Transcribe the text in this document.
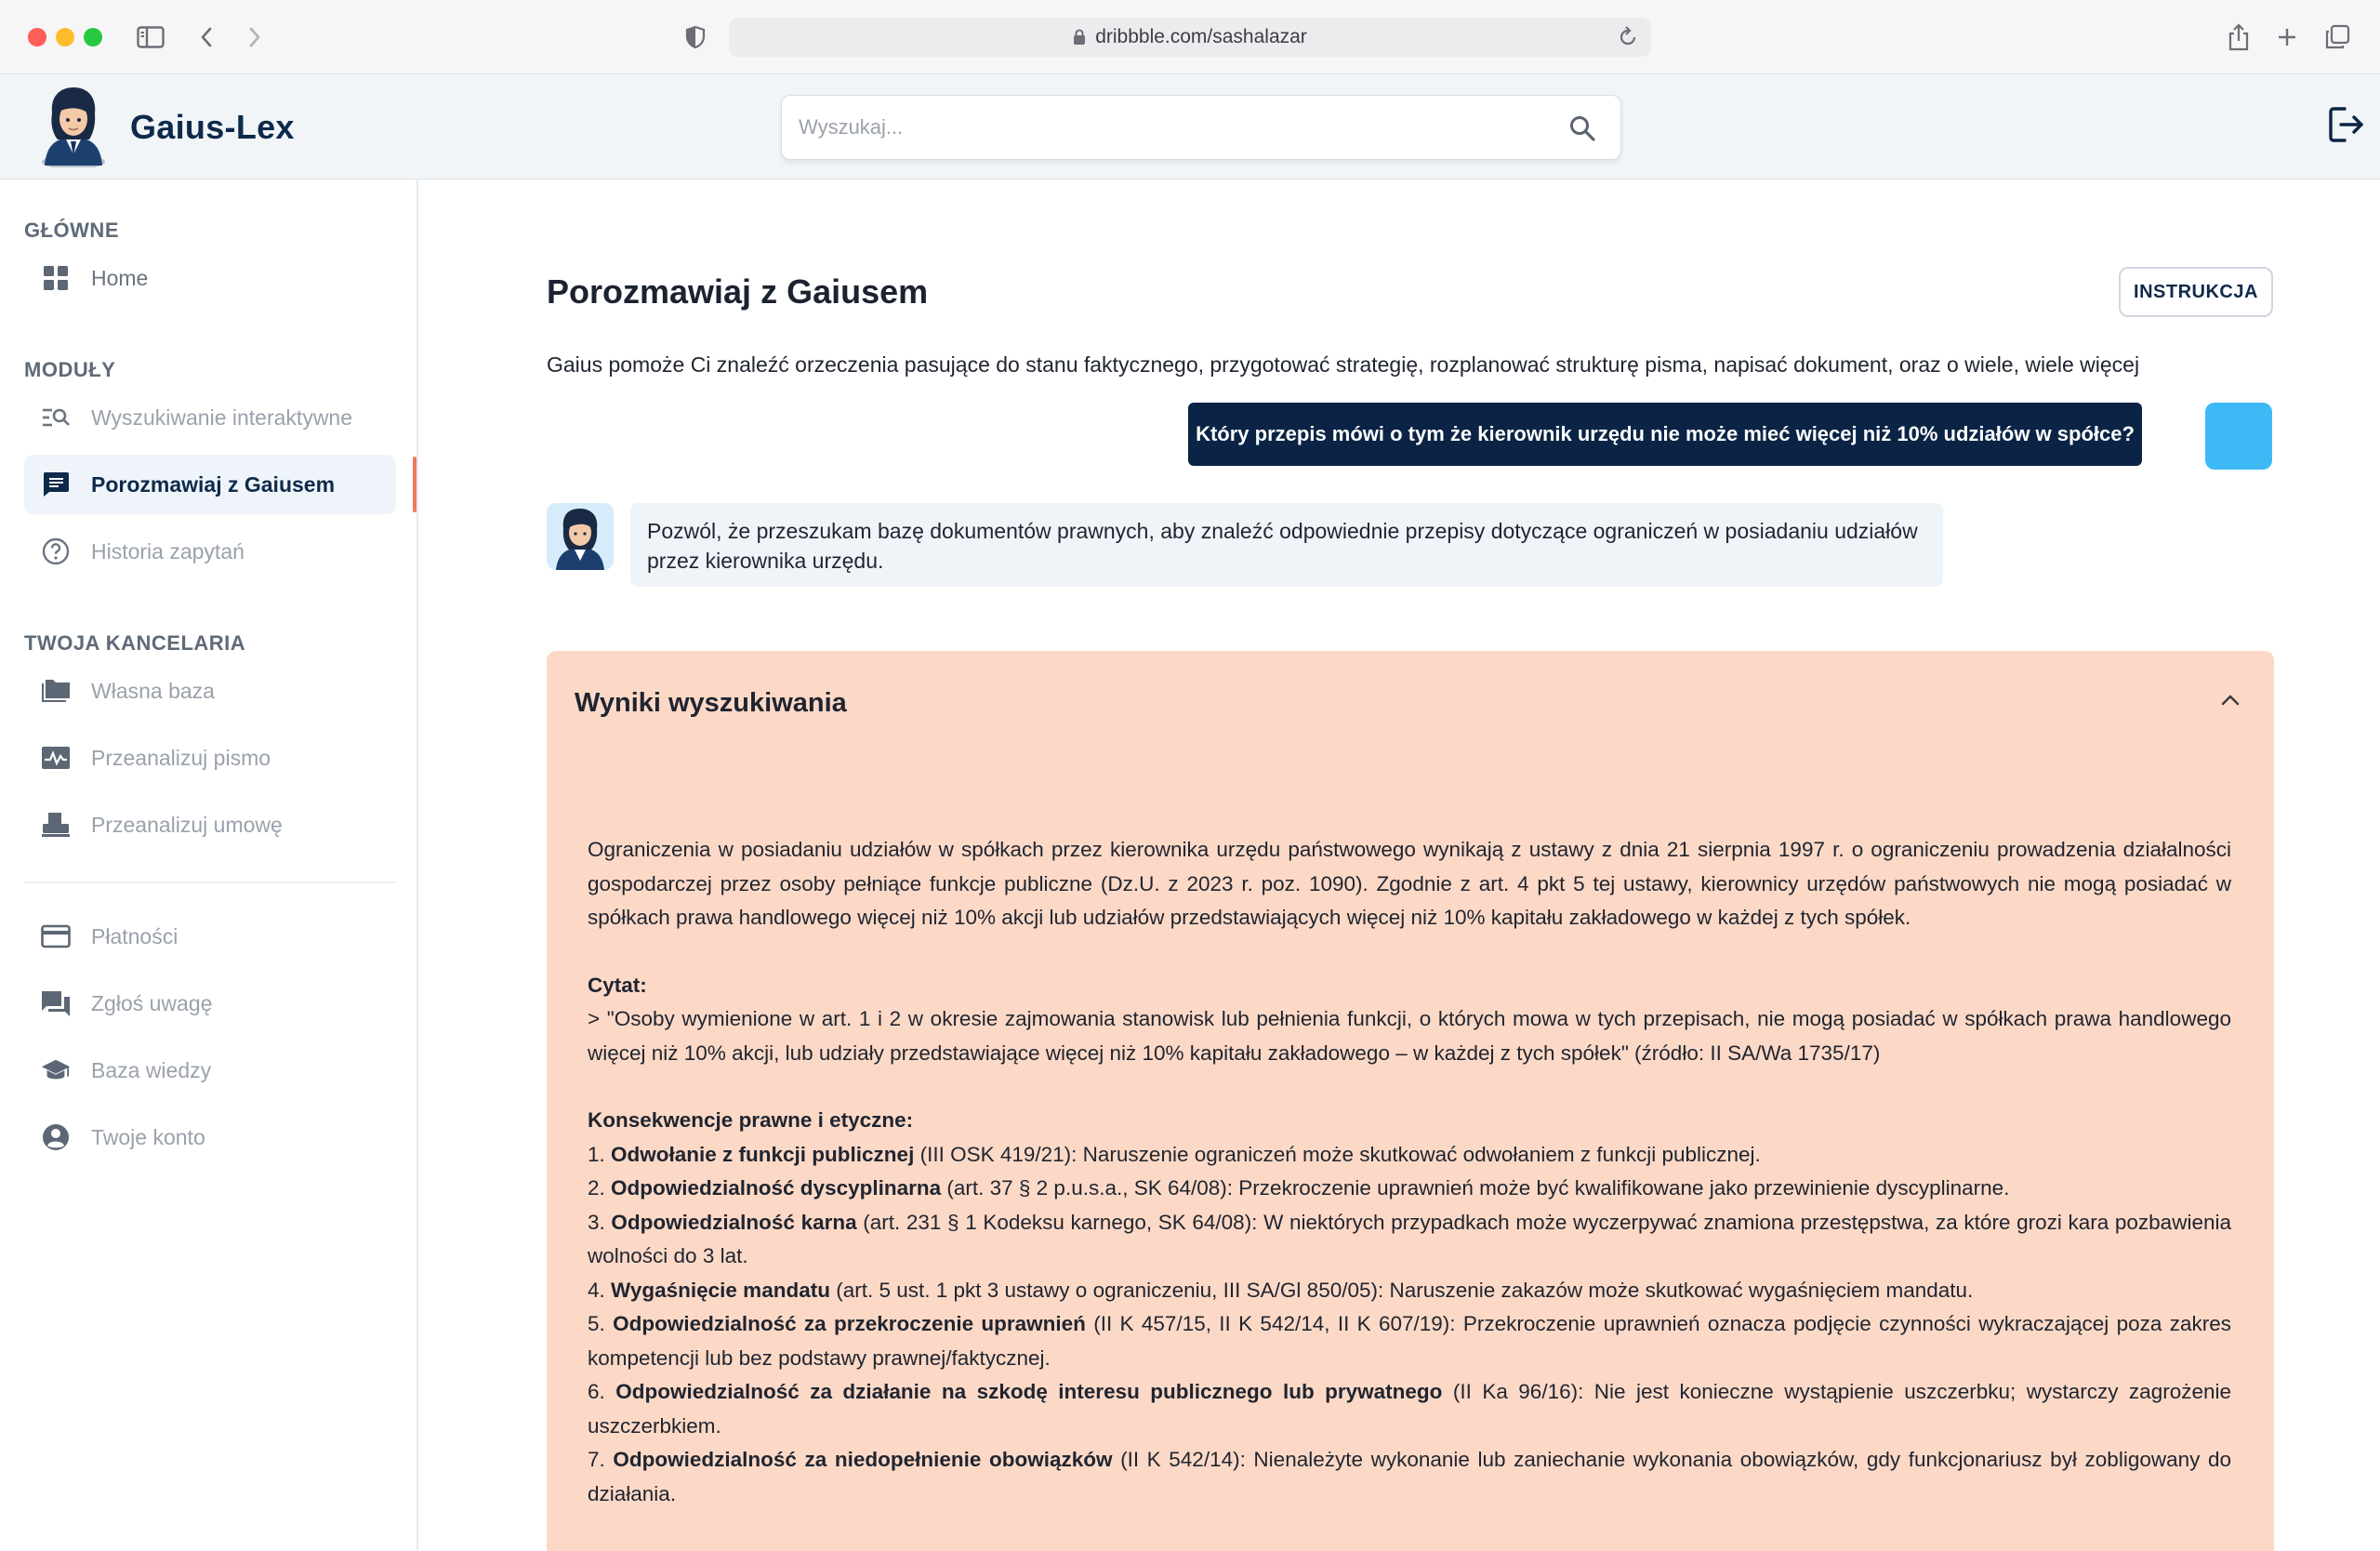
dribbble.com/sashalazar
Gaius-Lex
Wyszukaj...
GŁÓWNE
Home
MODUŁY
Wyszukiwanie interaktywne
Porozmawiaj z Gaiusem
Historia zapytań
TWOJA KANCELARIA
Własna baza
Przeanalizuj pismo
Przeanalizuj umowę
Płatności
Zgłoś uwagę
Baza wiedzy
Twoje konto
Porozmawiaj z Gaiusem	INSTRUKCJA

Gaius pomoże Ci znaleźć orzeczenia pasujące do stanu faktycznego, przygotować strategię, rozplanować strukturę pisma, napisać dokument, oraz o wiele, wiele więcej

Który przepis mówi o tym że kierownik urzędu nie może mieć więcej niż 10% udziałów w spółce?
Pozwól, że przeszukam bazę dokumentów prawnych, aby znaleźć odpowiednie przepisy dotyczące ograniczeń w posiadaniu udziałów przez kierownika urzędu.
Wyniki wyszukiwania

Ograniczenia w posiadaniu udziałów w spółkach przez kierownika urzędu państwowego wynikają z ustawy z dnia 21 sierpnia 1997 r. o ograniczeniu prowadzenia działalności gospodarczej przez osoby pełniące funkcje publiczne (Dz.U. z 2023 r. poz. 1090). Zgodnie z art. 4 pkt 5 tej ustawy, kierownicy urzędów państwowych nie mogą posiadać w spółkach prawa handlowego więcej niż 10% akcji lub udziałów przedstawiających więcej niż 10% kapitału zakładowego w każdej z tych spółek.

Cytat:

> "Osoby wymienione w art. 1 i 2 w okresie zajmowania stanowisk lub pełnienia funkcji, o których mowa w tych przepisach, nie mogą posiadać w spółkach prawa handlowego więcej niż 10% akcji, lub udziały przedstawiające więcej niż 10% kapitału zakładowego – w każdej z tych spółek" (źródło: II SA/Wa 1735/17)

Konsekwencje prawne i etyczne:

1. Odwołanie z funkcji publicznej (III OSK 419/21): Naruszenie ograniczeń może skutkować odwołaniem z funkcji publicznej.

2. Odpowiedzialność dyscyplinarna (art. 37 § 2 p.u.s.a., SK 64/08): Przekroczenie uprawnień może być kwalifikowane jako przewinienie dyscyplinarne.

3. Odpowiedzialność karna (art. 231 § 1 Kodeksu karnego, SK 64/08): W niektórych przypadkach może wyczerpywać znamiona przestępstwa, za które grozi kara pozbawienia wolności do 3 lat.

4. Wygaśnięcie mandatu (art. 5 ust. 1 pkt 3 ustawy o ograniczeniu, III SA/Gl 850/05): Naruszenie zakazów może skutkować wygaśnięciem mandatu.

5. Odpowiedzialność za przekroczenie uprawnień (II K 457/15, II K 542/14, II K 607/19): Przekroczenie uprawnień oznacza podjęcie czynności wykraczającej poza zakres kompetencji lub bez podstawy prawnej/faktycznej.

6. Odpowiedzialność za działanie na szkodę interesu publicznego lub prywatnego (II Ka 96/16): Nie jest konieczne wystąpienie uszczerbku; wystarczy zagrożenie uszczerbkiem.

7. Odpowiedzialność za niedopełnienie obowiązków (II K 542/14): Nienależyte wykonanie lub zaniechanie wykonania obowiązków, gdy funkcjonariusz był zobligowany do działania.
